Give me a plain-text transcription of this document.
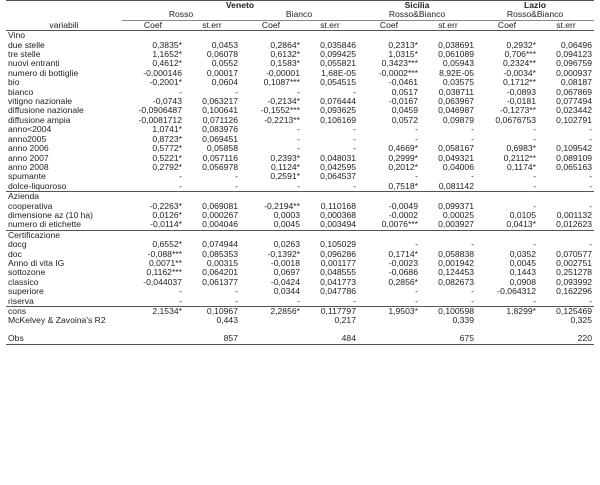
	Veneto				Sicilia		Lazio	
	Rosso		Bianco		Rosso&Bianco		Rosso&Bianco	
variabili	Coef	st.err	Coef	st.err	Coef	st.err	Coef	st.err
Vino								
due stelle	0,3835*	0,0453	0,2864*	0,035846	0,2313*	0,038691	0,2932*	0,06496
tre stelle	1,1652*	0,06078	0,6132*	0,099425	1,0315*	0,061089	0,706***	0,094123
nuovi entranti	0,4612*	0,0552	0,1583*	0,055821	0,3423***	0,05943	0,2324**	0,096759
numero di bottiglie	-0,000146	0,00017	-0,00001	1,68E-05	-0,0002***	8,92E-05	-0,0034*	0,000937
bio	-0,2001*	0,0604	0,1087***	0,054515	-0,0461	0,03575	0,1712**	0,08187
bianco	-	-	-	-	0,0517	0,038711	-0,0893	0,067869
vitigno nazionale	-0,0743	0,063217	-0,2134*	0,076444	-0,0167	0,063967	-0,0181	0,077494
diffusione nazionale	-0,0906487	0,100641	-0,1552***	0,093625	0,0459	0,046987	-0,1273**	0,023442
diffusione ampia	-0,0081712	0,071126	-0,2213**	0,106169	0,0572	0,09879	0,0676753	0,102791
anno<2004	1,0741*	0,083976	-	-	-	-	-	-
anno2005	0,8723*	0,069451	-	-	-	-	-	-
anno 2006	0,5772*	0,05858	-	-	0,4669*	0,058167	0,6983*	0,109542
anno 2007	0,5221*	0,057116	0,2393*	0,048031	0,2999*	0,049321	0,2112**	0,089109
anno 2008	0,2792*	0,056978	0,1124*	0,042595	0,2012*	0,04006	0,1174*	0,065163
spumante	-	-	0,2591*	0,064537	-	-	-	-
dolce-liquoroso	-	-	-	-	0,7518*	0,081142	-	-
Azienda								
cooperativa	-0,2263*	0,069081	-0,2194**	0,110168	-0,0049	0,099371	-	-
dimensione az (10 ha)	0,0126*	0,000267	0,0003	0,000368	-0,0002	0,00025	0,0105	0,001132
numero di etichette	-0,0114*	0,004046	0,0045	0,003494	0,0076***	0,003927	0,0413*	0,012623
Certificazione								
docg	0,6552*	0,074944	0,0263	0,105029	-	-	-	-
doc	-0,088***	0,085353	-0,1392*	0,096286	0,1714*	0,058838	0,0352	0,070577
Anno di vita IG	0,0071**	0,00315	-0,0018	0,001177	-0,0023	0,001942	0,0045	0,002751
sottozone	0,1162***	0,064201	0,0697	0,048555	-0,0686	0,124453	0,1443	0,251278
classico	-0,044037	0,061377	-0,0424	0,041773	0,2856*	0,082673	0,0908	0,093992
superiore	-	-	0,0344	0,047786	-	-	-0,064312	0,162296
riserva	-	-	-	-	-	-	-	-
cons	2,1534*	0,10967	2,2856*	0,117797	1,9503*	0,100598	1,8299*	0,125469
McKelvey & Zavoina's R2		0,443		0,217		0,339		0,325
Obs		857		484		675		220
